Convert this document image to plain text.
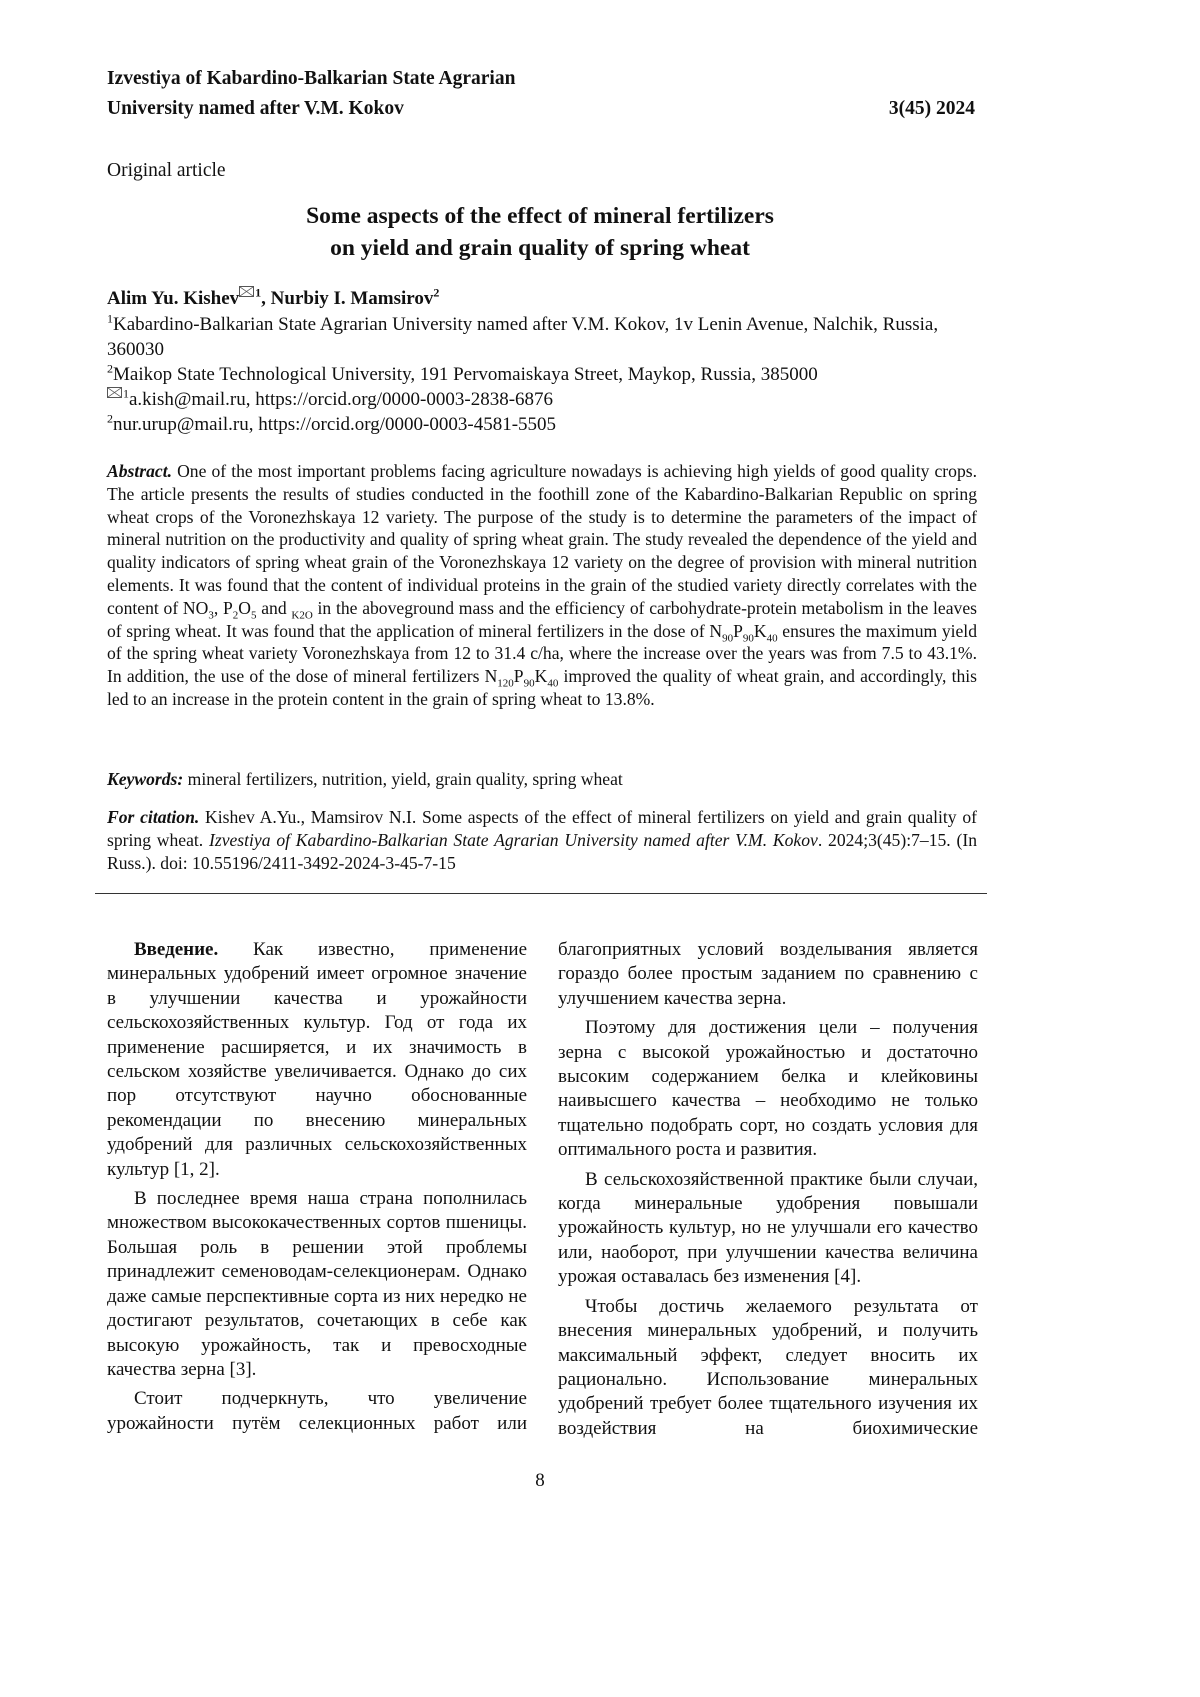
Izvestiya of Kabardino-Balkarian State Agrarian
University named after V.M. Kokov	3(45) 2024
Original article
Some aspects of the effect of mineral fertilizers
on yield and grain quality of spring wheat
Alim Yu. Kishev 1, Nurbiy I. Mamsirov2
1Kabardino-Balkarian State Agrarian University named after V.M. Kokov, 1v Lenin Avenue, Nalchik, Russia, 360030
2Maikop State Technological University, 191 Pervomaiskaya Street, Maykop, Russia, 385000
1a.kish@mail.ru, https://orcid.org/0000-0003-2838-6876
2nur.urup@mail.ru, https://orcid.org/0000-0003-4581-5505
Abstract. One of the most important problems facing agriculture nowadays is achieving high yields of good quality crops. The article presents the results of studies conducted in the foothill zone of the Kabardino-Balkarian Republic on spring wheat crops of the Voronezhskaya 12 variety. The purpose of the study is to determine the parameters of the impact of mineral nutrition on the productivity and quality of spring wheat grain. The study revealed the dependence of the yield and quality indicators of spring wheat grain of the Voronezhskaya 12 variety on the degree of provision with mineral nutrition elements. It was found that the content of individual proteins in the grain of the studied variety directly correlates with the content of NO3, P2O5 and K2O in the aboveground mass and the efficiency of carbohydrate-protein metabolism in the leaves of spring wheat. It was found that the application of mineral fertilizers in the dose of N90P90K40 ensures the maximum yield of the spring wheat variety Voronezhskaya from 12 to 31.4 c/ha, where the increase over the years was from 7.5 to 43.1%. In addition, the use of the dose of mineral fertilizers N120P90K40 improved the quality of wheat grain, and accordingly, this led to an increase in the protein content in the grain of spring wheat to 13.8%.
Keywords: mineral fertilizers, nutrition, yield, grain quality, spring wheat
For citation. Kishev A.Yu., Mamsirov N.I. Some aspects of the effect of mineral fertilizers on yield and grain quality of spring wheat. Izvestiya of Kabardino-Balkarian State Agrarian University named after V.M. Kokov. 2024;3(45):7–15. (In Russ.). doi: 10.55196/2411-3492-2024-3-45-7-15

Введение. Как известно, применение минеральных удобрений имеет огромное значение в улучшении качества и урожайности сельскохозяйственных культур. Год от года их применение расширяется, и их значимость в сельском хозяйстве увеличивается. Однако до сих пор отсутствуют научно обоснованные рекомендации по внесению минеральных удобрений для различных сельскохозяйственных культур [1, 2].

В последнее время наша страна пополнилась множеством высококачественных сортов пшеницы. Большая роль в решении этой проблемы принадлежит семеноводам-селекционерам. Однако даже самые перспективные сорта из них нередко не достигают результатов, сочетающих в себе как высокую урожайность, так и превосходные качества зерна [3].

Стоит подчеркнуть, что увеличение урожайности путём селекционных работ или

благоприятных условий возделывания является гораздо более простым заданием по сравнению с улучшением качества зерна.

Поэтому для достижения цели – получения зерна с высокой урожайностью и достаточно высоким содержанием белка и клейковины наивысшего качества – необходимо не только тщательно подобрать сорт, но создать условия для оптимального роста и развития.

В сельскохозяйственной практике были случаи, когда минеральные удобрения повышали урожайность культур, но не улучшали его качество или, наоборот, при улучшении качества величина урожая оставалась без изменения [4].

Чтобы достичь желаемого результата от внесения минеральных удобрений, и получить максимальный эффект, следует вносить их рационально. Использование минеральных удобрений требует более тщательного изучения их воздействия на биохимические

8
